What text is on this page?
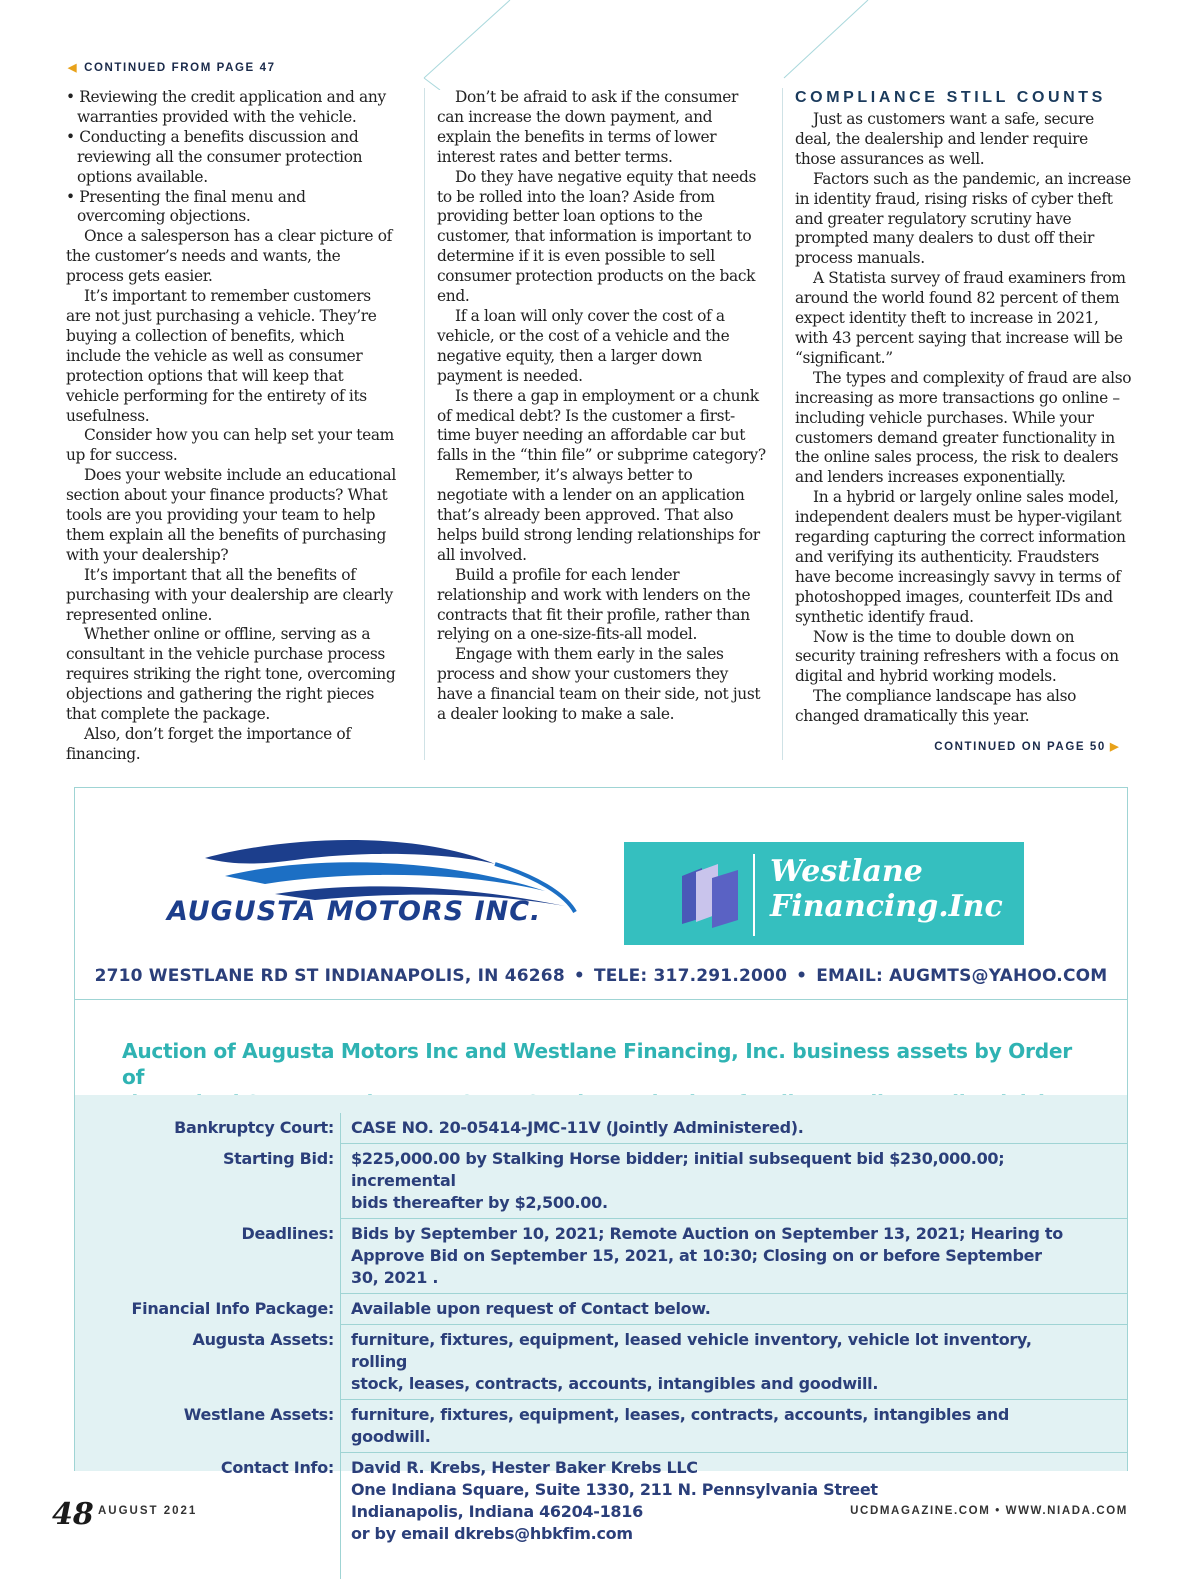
◀ CONTINUED FROM PAGE 47

• Reviewing the credit application and any warranties provided with the vehicle.

• Conducting a benefits discussion and reviewing all the consumer protection options available.

• Presenting the final menu and overcoming objections.

Once a salesperson has a clear picture of the customer’s needs and wants, the process gets easier.

It’s important to remember customers are not just purchasing a vehicle. They’re buying a collection of benefits, which include the vehicle as well as consumer protection options that will keep that vehicle performing for the entirety of its usefulness.

Consider how you can help set your team up for success.

Does your website include an educational section about your finance products? What tools are you providing your team to help them explain all the benefits of purchasing with your dealership?

It’s important that all the benefits of purchasing with your dealership are clearly represented online.

Whether online or offline, serving as a consultant in the vehicle purchase process requires striking the right tone, overcoming objections and gathering the right pieces that complete the package.

Also, don’t forget the importance of financing.

Don’t be afraid to ask if the consumer can increase the down payment, and explain the benefits in terms of lower interest rates and better terms.

Do they have negative equity that needs to be rolled into the loan? Aside from providing better loan options to the customer, that information is important to determine if it is even possible to sell consumer protection products on the back end.

If a loan will only cover the cost of a vehicle, or the cost of a vehicle and the negative equity, then a larger down payment is needed.

Is there a gap in employment or a chunk of medical debt? Is the customer a first-time buyer needing an affordable car but falls in the “thin file” or subprime category?

Remember, it’s always better to negotiate with a lender on an application that’s already been approved. That also helps build strong lending relationships for all involved.

Build a profile for each lender relationship and work with lenders on the contracts that fit their profile, rather than relying on a one-size-fits-all model.

Engage with them early in the sales process and show your customers they have a financial team on their side, not just a dealer looking to make a sale.

COMPLIANCE STILL COUNTS

Just as customers want a safe, secure deal, the dealership and lender require those assurances as well.

Factors such as the pandemic, an increase in identity fraud, rising risks of cyber theft and greater regulatory scrutiny have prompted many dealers to dust off their process manuals.

A Statista survey of fraud examiners from around the world found 82 percent of them expect identity theft to increase in 2021, with 43 percent saying that increase will be “significant.”

The types and complexity of fraud are also increasing as more transactions go online – including vehicle purchases. While your customers demand greater functionality in the online sales process, the risk to dealers and lenders increases exponentially.

In a hybrid or largely online sales model, independent dealers must be hyper-vigilant regarding capturing the correct information and verifying its authenticity. Fraudsters have become increasingly savvy in terms of photoshopped images, counterfeit IDs and synthetic identify fraud.

Now is the time to double down on security training refreshers with a focus on digital and hybrid working models.

The compliance landscape has also changed dramatically this year.

CONTINUED ON PAGE 50 ▶
AUGUSTA MOTORS INC.
Westlane
Financing.Inc
2710 WESTLANE RD ST INDIANAPOLIS, IN 46268 • TELE: 317.291.2000 • EMAIL: AUGMTS@YAHOO.COM
Auction of Augusta Motors Inc and Westlane Financing, Inc. business assets by Order of
Bankruptcy Court:	CASE NO. 20-05414-JMC-11V (Jointly Administered).

Starting Bid:	$225,000.00 by Stalking Horse bidder; initial subsequent bid $230,000.00; incremental
bids thereafter by $2,500.00.

Deadlines:	Bids by September 10, 2021; Remote Auction on September 13, 2021; Hearing to
Approve Bid on September 15, 2021, at 10:30; Closing on or before September 30, 2021 .

Financial Info Package:	Available upon request of Contact below.

Augusta Assets:	furniture, fixtures, equipment, leased vehicle inventory, vehicle lot inventory, rolling
stock, leases, contracts, accounts, intangibles and goodwill.

Westlane Assets:	furniture, fixtures, equipment, leases, contracts, accounts, intangibles and goodwill.

Contact Info:	David R. Krebs, Hester Baker Krebs LLC
One Indiana Square, Suite 1330, 211 N. Pennsylvania Street
Indianapolis, Indiana 46204-1816
or by email dkrebs@hbkfim.com
48 AUGUST 2021	UCDMAGAZINE.COM • WWW.NIADA.COM
